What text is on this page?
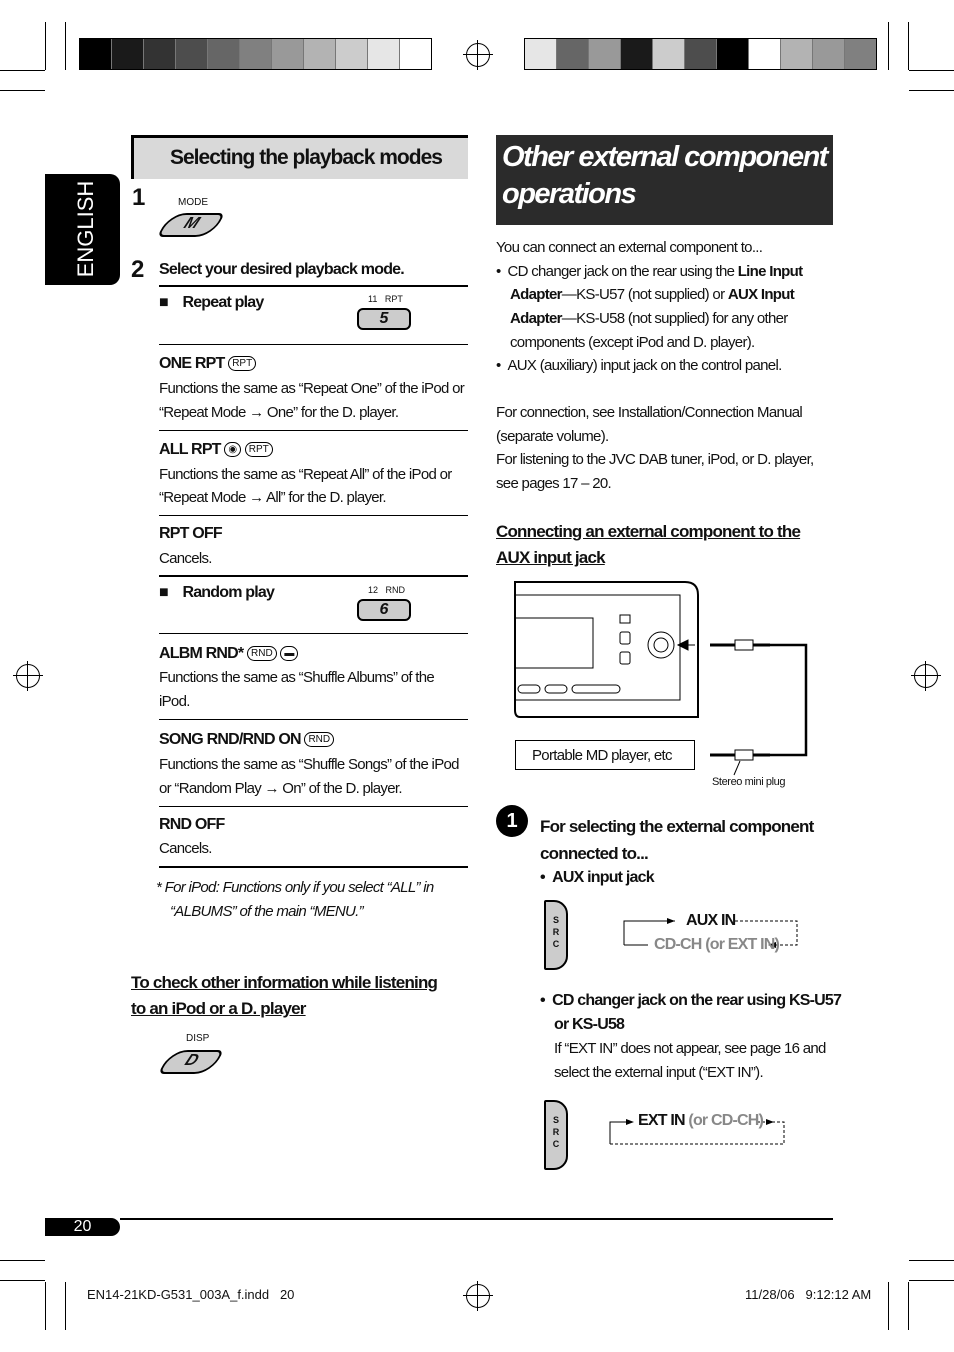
ENGLISH
Selecting the playback modes
1	MODE
M
2 Select your desired playback mode.
■    Repeat play	11   RPT
5
ONE RPT RPT
Functions the same as “Repeat One” of the iPod or
“Repeat Mode → One” for the D. player.
ALL RPT ◉ RPT
Functions the same as “Repeat All” of the iPod or
“Repeat Mode → All” for the D. player.
RPT OFF
Cancels.
■    Random play	12   RND
6
ALBM RND* RND ▬
Functions the same as “Shuffle Albums” of the
iPod.
SONG RND/RND ON RND
Functions the same as “Shuffle Songs” of the iPod
or “Random Play → On” of the D. player.
RND OFF
Cancels.
* For iPod: Functions only if you select “ALL” in
“ALBUMS” of the main “MENU.”
To check other information while listening
to an iPod or a D. player
DISP
D
Other external component
operations
You can connect an external component to...
•  CD changer jack on the rear using the Line Input
Adapter—KS-U57 (not supplied) or AUX Input
Adapter—KS-U58 (not supplied) for any other
components (except iPod and D. player).
•  AUX (auxiliary) input jack on the control panel.
For connection, see Installation/Connection Manual
(separate volume).
For listening to the JVC DAB tuner, iPod, or D. player,
see pages 17 – 20.
Connecting an external component to the
AUX input jack
Portable MD player, etc
Stereo mini plug
1	For selecting the external component
connected to...
•  AUX input jack
S
R
C
AUX IN
CD-CH (or EXT IN)
•  CD changer jack on the rear using KS-U57
or KS-U58
If “EXT IN” does not appear, see page 16 and
select the external input (“EXT IN”).
S
R
C
EXT IN (or CD-CH)
20
EN14-21KD-G531_003A_f.indd   20	11/28/06   9:12:12 AM
